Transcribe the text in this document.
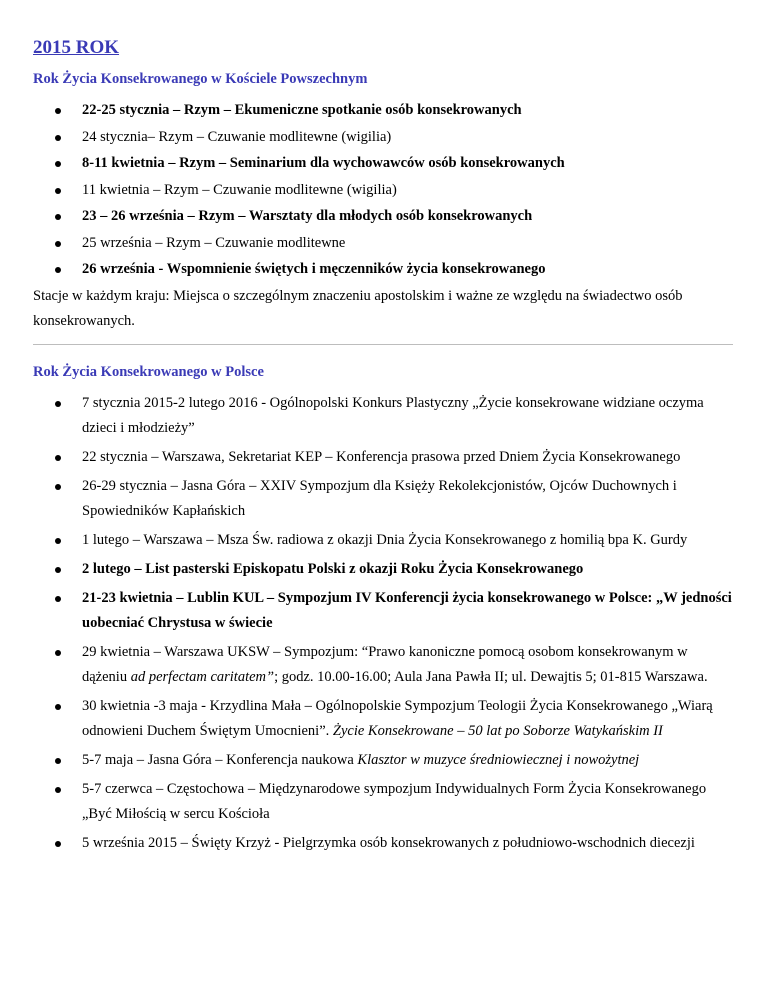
2015 ROK
Rok Życia Konsekrowanego w Kościele Powszechnym
22-25 stycznia – Rzym – Ekumeniczne spotkanie osób konsekrowanych
24 stycznia– Rzym – Czuwanie modlitewne (wigilia)
8-11 kwietnia – Rzym – Seminarium dla wychowawców osób konsekrowanych
11 kwietnia – Rzym – Czuwanie modlitewne (wigilia)
23 – 26 września – Rzym – Warsztaty dla młodych osób konsekrowanych
25 września – Rzym – Czuwanie modlitewne
26 września - Wspomnienie świętych i męczenników życia konsekrowanego

Stacje w każdym kraju: Miejsca o szczególnym znaczeniu apostolskim i ważne ze względu na świadectwo osób konsekrowanych.

Rok Życia Konsekrowanego w Polsce
7 stycznia 2015-2 lutego 2016 - Ogólnopolski Konkurs Plastyczny „Życie konsekrowane widziane oczyma dzieci i młodzieży”
22 stycznia – Warszawa, Sekretariat KEP – Konferencja prasowa przed Dniem Życia Konsekrowanego
26-29 stycznia – Jasna Góra – XXIV Sympozjum dla Księży Rekolekcjonistów, Ojców Duchownych i Spowiedników Kapłańskich
1 lutego – Warszawa – Msza Św. radiowa z okazji Dnia Życia Konsekrowanego z homilią bpa K. Gurdy
2 lutego – List pasterski Episkopatu Polski z okazji Roku Życia Konsekrowanego
21-23 kwietnia – Lublin KUL – Sympozjum IV Konferencji życia konsekrowanego w Polsce: „W jedności uobecniać Chrystusa w świecie
29 kwietnia – Warszawa UKSW – Sympozjum: “Prawo kanoniczne pomocą osobom konsekrowanym w dążeniu ad perfectam caritatem”; godz. 10.00-16.00; Aula Jana Pawła II; ul. Dewajtis 5; 01-815 Warszawa.
30 kwietnia -3 maja - Krzydlina Mała – Ogólnopolskie Sympozjum Teologii Życia Konsekrowanego „Wiarą odnowieni Duchem Świętym Umocnieni”. Życie Konsekrowane – 50 lat po Soborze Watykańskim II
5-7 maja – Jasna Góra – Konferencja naukowa Klasztor w muzyce średniowiecznej i nowożytnej
5-7 czerwca – Częstochowa – Międzynarodowe sympozjum Indywidualnych Form Życia Konsekrowanego „Być Miłością w sercu Kościoła
5 września 2015 – Święty Krzyż - Pielgrzymka osób konsekrowanych z południowo-wschodnich diecezji
